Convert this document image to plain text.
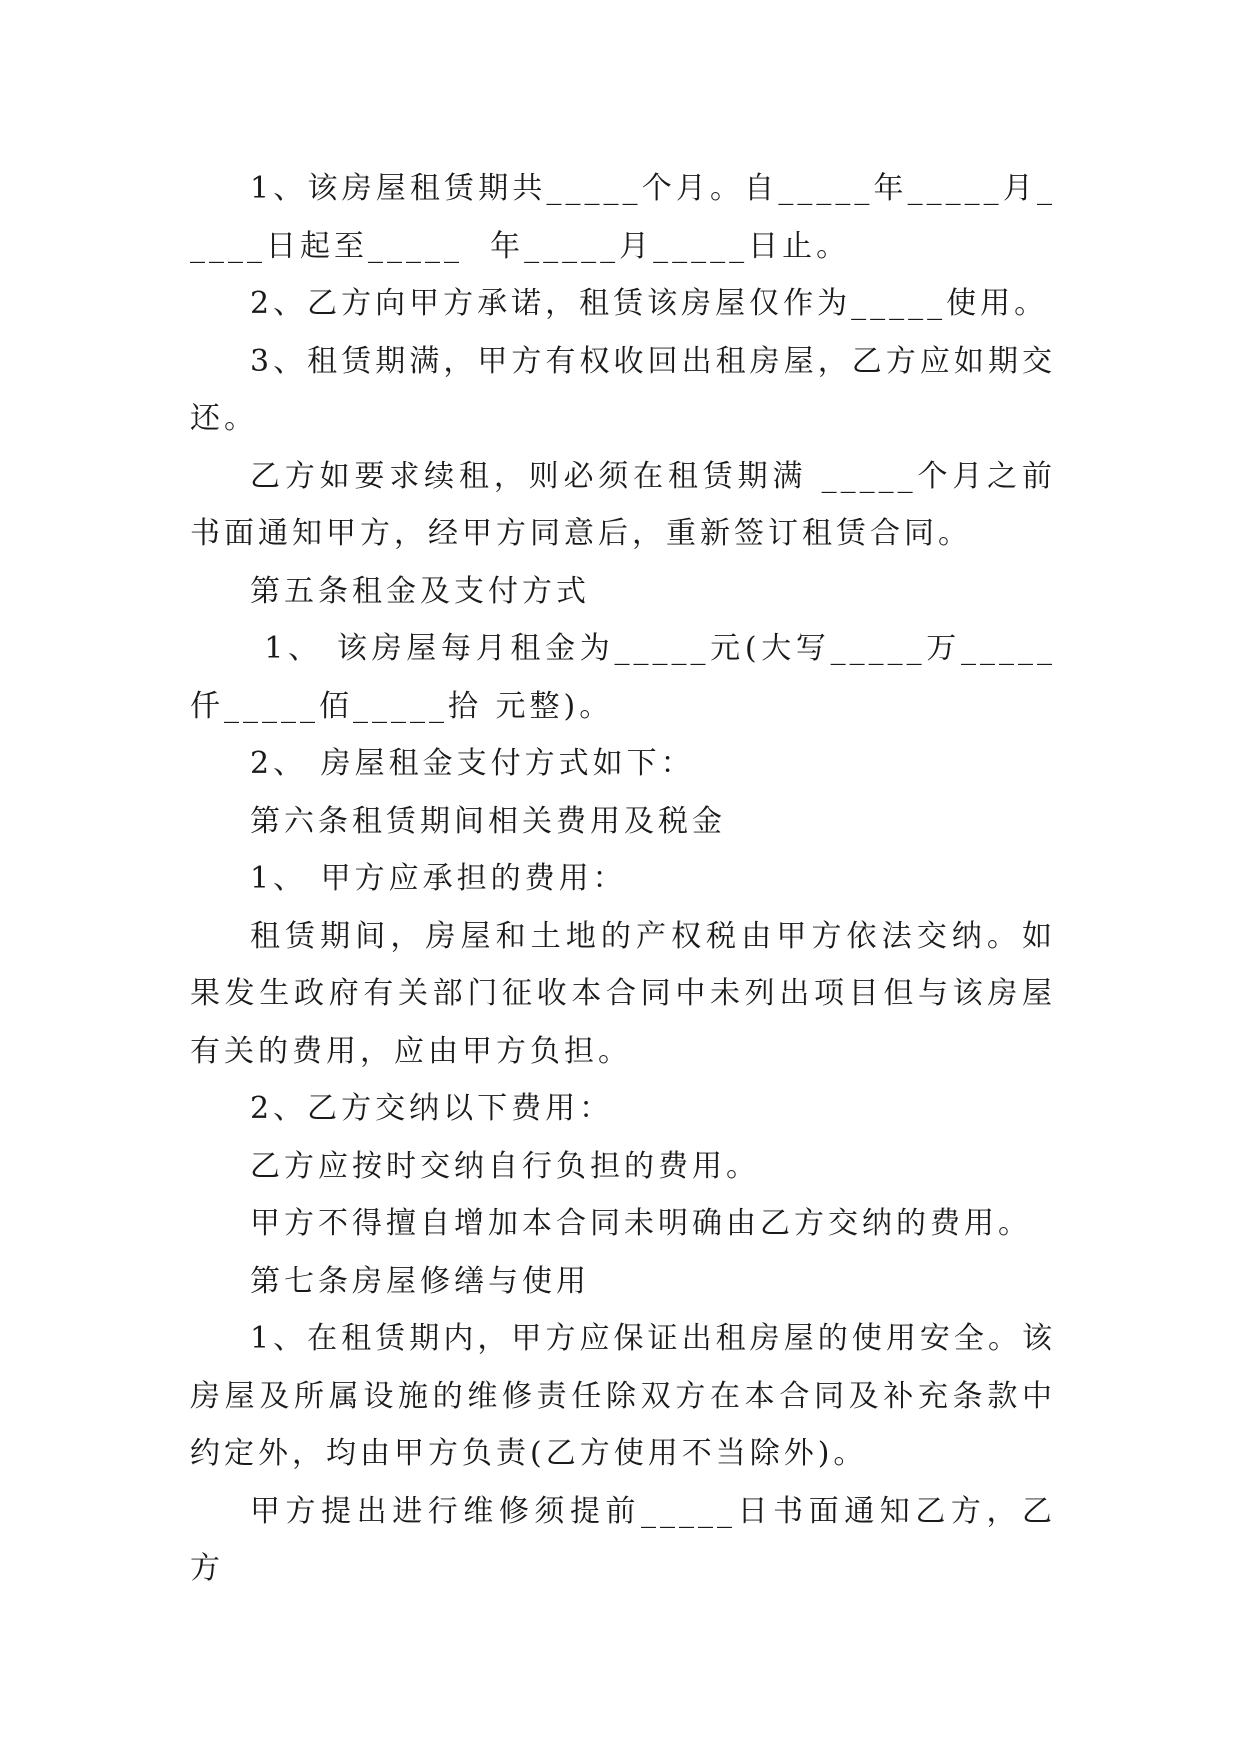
1、该房屋租赁期共_____个月。自_____年_____月_____日起至_____  年_____月_____日止。

2、乙方向甲方承诺，租赁该房屋仅作为_____使用。

3、租赁期满，甲方有权收回出租房屋，乙方应如期交还。

乙方如要求续租，则必须在租赁期满 _____个月之前书面通知甲方，经甲方同意后，重新签订租赁合同。

第五条租金及支付方式

1、 该房屋每月租金为_____元(大写_____万_____仟_____佰_____拾 元整)。

2、 房屋租金支付方式如下：

第六条租赁期间相关费用及税金

1、 甲方应承担的费用：

租赁期间，房屋和土地的产权税由甲方依法交纳。如果发生政府有关部门征收本合同中未列出项目但与该房屋有关的费用，应由甲方负担。

2、乙方交纳以下费用：

乙方应按时交纳自行负担的费用。

甲方不得擅自增加本合同未明确由乙方交纳的费用。

第七条房屋修缮与使用

1、在租赁期内，甲方应保证出租房屋的使用安全。该房屋及所属设施的维修责任除双方在本合同及补充条款中约定外，均由甲方负责(乙方使用不当除外)。

甲方提出进行维修须提前_____日书面通知乙方，乙方
